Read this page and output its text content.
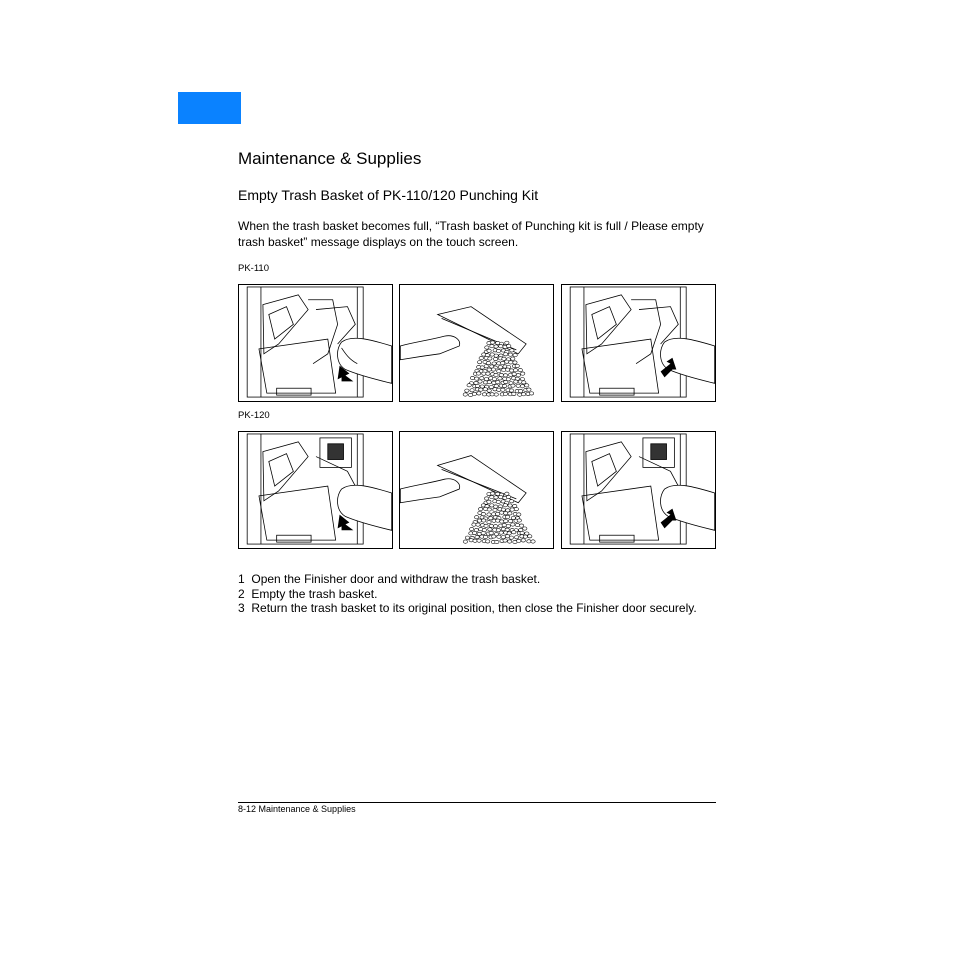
Maintenance & Supplies
Empty Trash Basket of PK-110/120 Punching Kit
When the trash basket becomes full, “Trash basket of Punching kit is full / Please empty trash basket” message displays on the touch screen.
PK-110
PK-120
1 Open the Finisher door and withdraw the trash basket.
2 Empty the trash basket.
3 Return the trash basket to its original position, then close the Finisher door securely.
8-12 Maintenance & Supplies
